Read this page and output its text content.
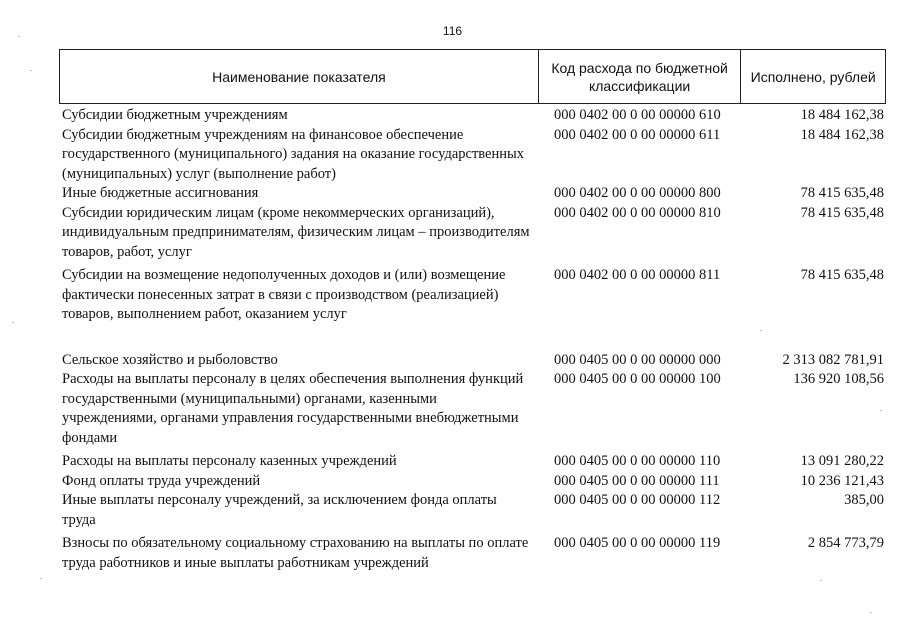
116
Наименование показателя
Код расхода по бюджетной классификации
Исполнено, рублей
Субсидии бюджетным учреждениям	000 0402 00 0 00 00000 610	18 484 162,38
Субсидии бюджетным учреждениям на финансовое обеспечение государственного (муниципального) задания на оказание государственных (муниципальных) услуг (выполнение работ)
000 0402 00 0 00 00000 611	18 484 162,38
Иные бюджетные ассигнования	000 0402 00 0 00 00000 800	78 415 635,48
Субсидии юридическим лицам (кроме некоммерческих организаций), индивидуальным предпринимателям, физическим лицам – производителям товаров, работ, услуг
000 0402 00 0 00 00000 810	78 415 635,48
Субсидии на возмещение недополученных доходов и (или) возмещение фактически понесенных затрат в связи с производством (реализацией) товаров, выполнением работ, оказанием услуг
000 0402 00 0 00 00000 811	78 415 635,48
Сельское хозяйство и рыболовство	000 0405 00 0 00 00000 000	2 313 082 781,91
Расходы на выплаты персоналу в целях обеспечения выполнения функций государственными (муниципальными) органами, казенными учреждениями, органами управления государственными внебюджетными фондами
000 0405 00 0 00 00000 100	136 920 108,56
Расходы на выплаты персоналу казенных учреждений	000 0405 00 0 00 00000 110	13 091 280,22
Фонд оплаты труда учреждений	000 0405 00 0 00 00000 111	10 236 121,43
Иные выплаты персоналу учреждений, за исключением фонда оплаты труда
000 0405 00 0 00 00000 112	385,00
Взносы по обязательному социальному страхованию на выплаты по оплате труда работников и иные выплаты работникам учреждений
000 0405 00 0 00 00000 119	2 854 773,79
